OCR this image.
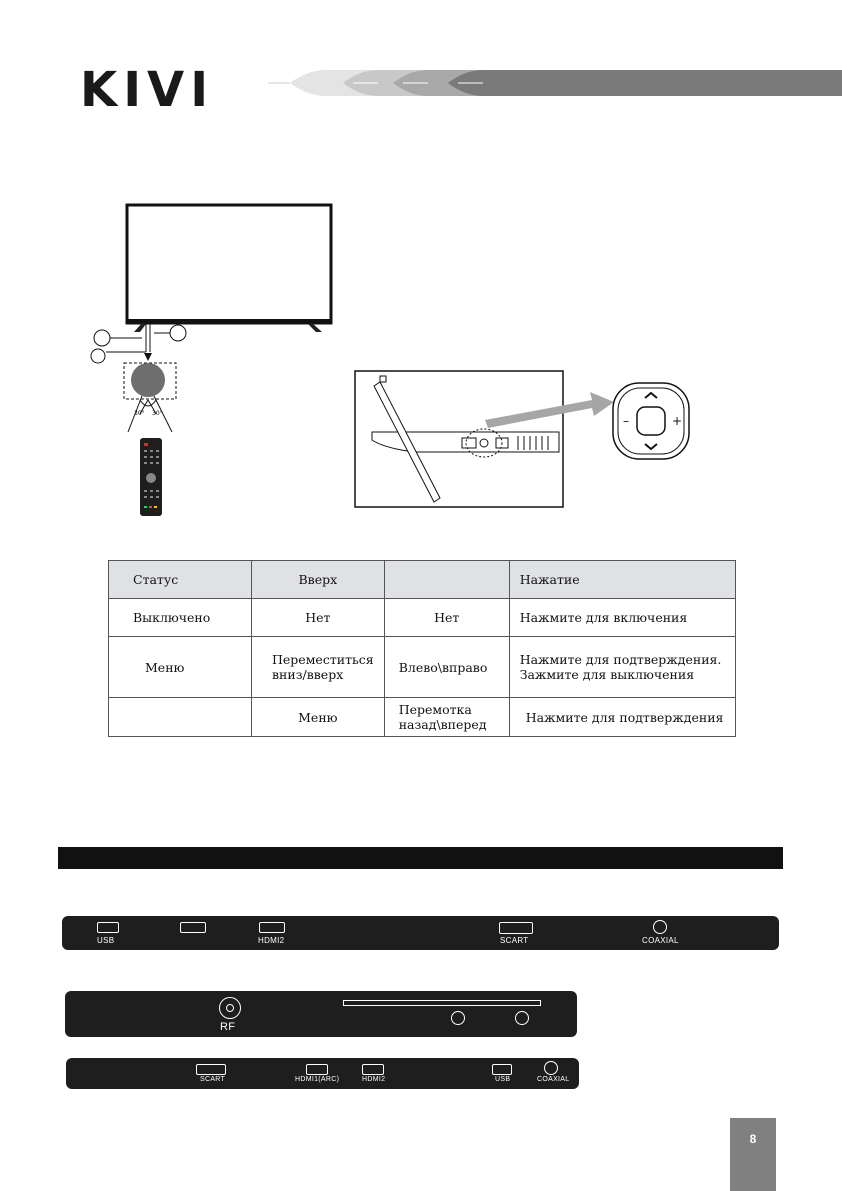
KIVI
30° 30°
–	+
Статус	Вверх		Нажатие
Выключено	Нет	Нет	Нажмите для включения
Меню	Переместиться вниз/вверх	Влево\вправо	Нажмите для подтверждения. Зажмите для выключения
	Меню	Перемотка назад\вперед	Нажмите для подтверждения
USB	HDMI2	SCART	COAXIAL
RF
SCART	HDMI1(ARC)	HDMI2	USB	COAXIAL
8
